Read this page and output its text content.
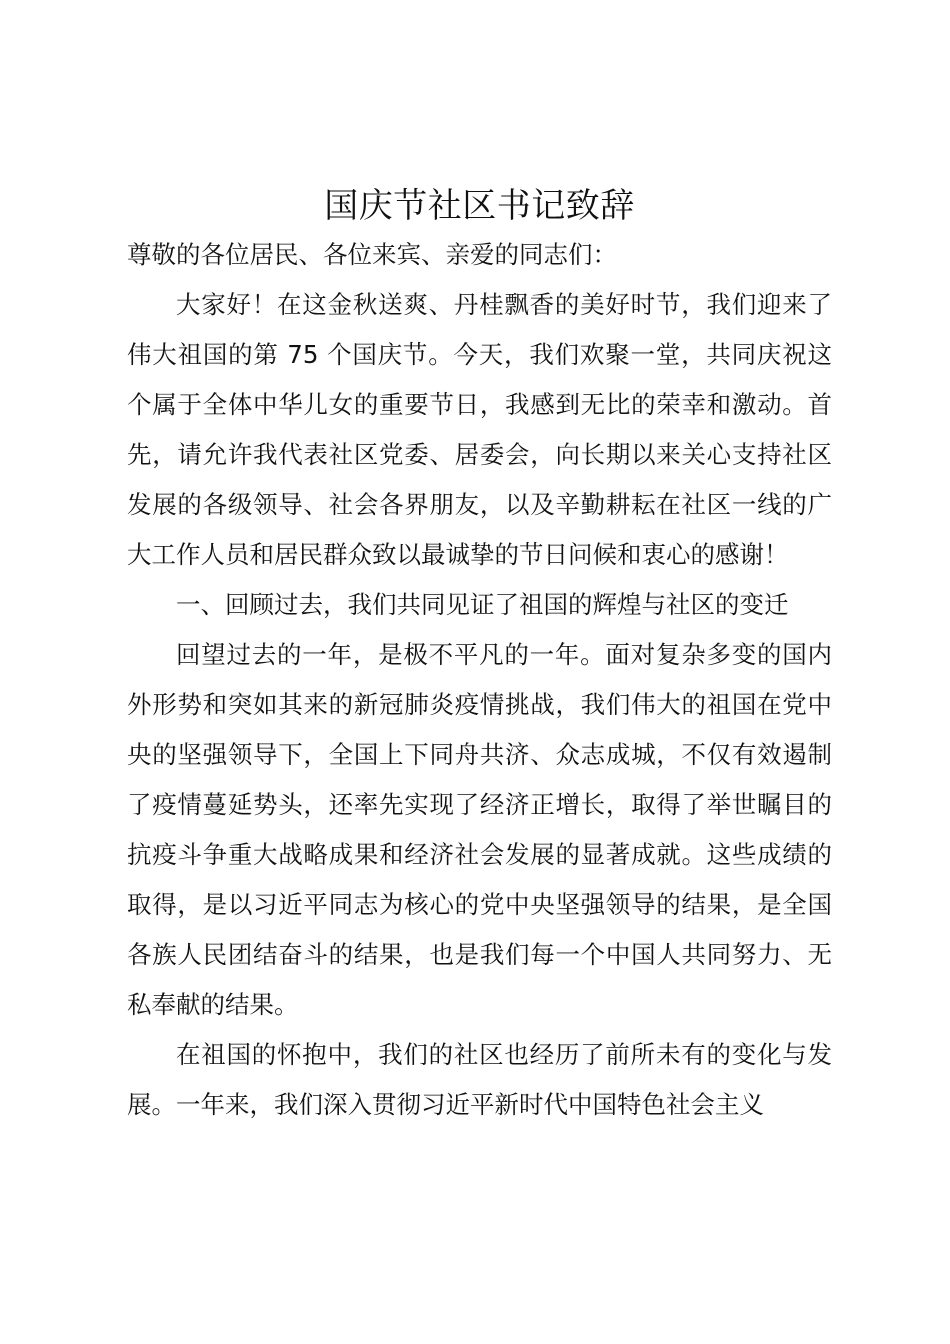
国庆节社区书记致辞

尊敬的各位居民、各位来宾、亲爱的同志们：

大家好！在这金秋送爽、丹桂飘香的美好时节，我们迎来了伟大祖国的第 75 个国庆节。今天，我们欢聚一堂，共同庆祝这个属于全体中华儿女的重要节日，我感到无比的荣幸和激动。首先，请允许我代表社区党委、居委会，向长期以来关心支持社区发展的各级领导、社会各界朋友，以及辛勤耕耘在社区一线的广大工作人员和居民群众致以最诚挚的节日问候和衷心的感谢！

一、回顾过去，我们共同见证了祖国的辉煌与社区的变迁

回望过去的一年，是极不平凡的一年。面对复杂多变的国内外形势和突如其来的新冠肺炎疫情挑战，我们伟大的祖国在党中央的坚强领导下，全国上下同舟共济、众志成城，不仅有效遏制了疫情蔓延势头，还率先实现了经济正增长，取得了举世瞩目的抗疫斗争重大战略成果和经济社会发展的显著成就。这些成绩的取得，是以习近平同志为核心的党中央坚强领导的结果，是全国各族人民团结奋斗的结果，也是我们每一个中国人共同努力、无私奉献的结果。

在祖国的怀抱中，我们的社区也经历了前所未有的变化与发展。一年来，我们深入贯彻习近平新时代中国特色社会主义
